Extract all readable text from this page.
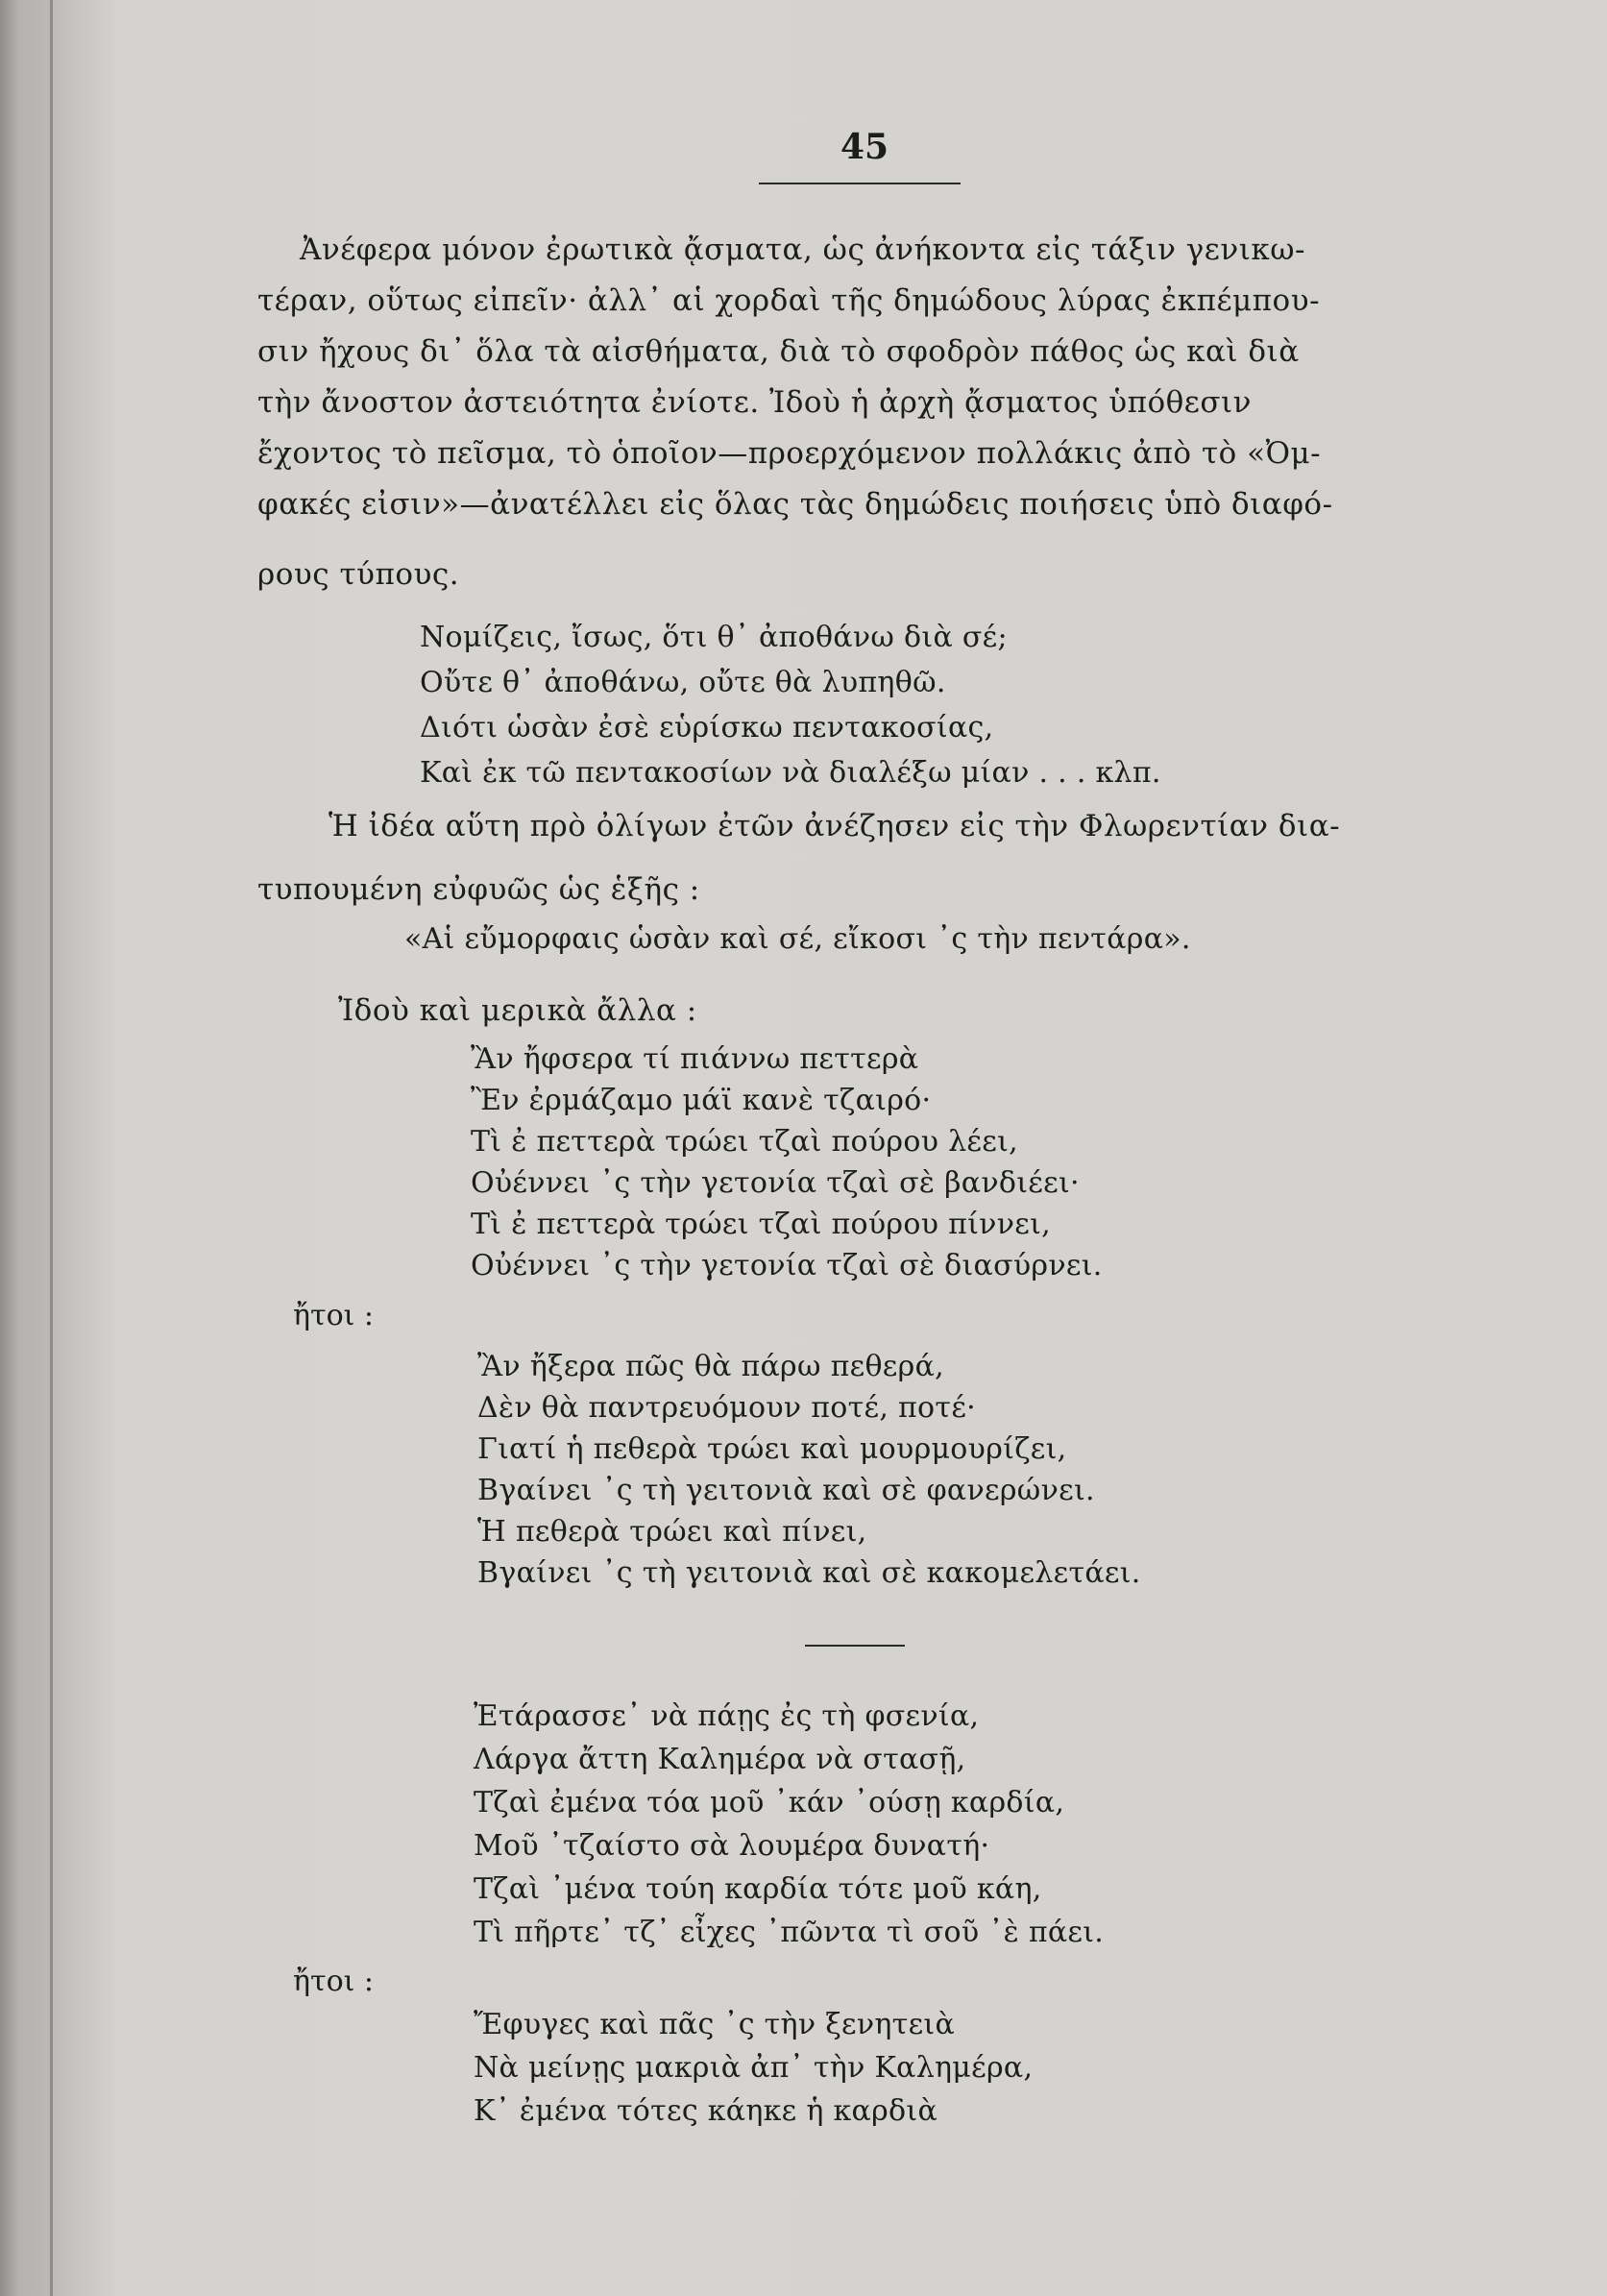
45
Ἀνέφερα μόνον ἐρωτικὰ ᾄσματα, ὡς ἀνήκοντα εἰς τάξιν γενικω-
τέραν, οὕτως εἰπεῖν· ἀλλ᾿ αἱ χορδαὶ τῆς δημώδους λύρας ἐκπέμπου-
σιν ἤχους δι᾿ ὅλα τὰ αἰσθήματα, διὰ τὸ σφοδρὸν πάθος ὡς καὶ διὰ
τὴν ἄνοστον ἀστειότητα ἐνίοτε. Ἰδοὺ ἡ ἀρχὴ ᾄσματος ὑπόθεσιν
ἔχοντος τὸ πεῖσμα, τὸ ὁποῖον—προερχόμενον πολλάκις ἀπὸ τὸ «Ὀμ-
φακές εἰσιν»—ἀνατέλλει εἰς ὅλας τὰς δημώδεις ποιήσεις ὑπὸ διαφό-
ρους τύπους.
Νομίζεις, ἴσως, ὅτι θ᾿ ἀποθάνω διὰ σέ;
Οὔτε θ᾿ ἀποθάνω, οὔτε θὰ λυπηθῶ.
Διότι ὡσὰν ἐσὲ εὑρίσκω πεντακοσίας,
Καὶ ἐκ τῶ πεντακοσίων νὰ διαλέξω μίαν . . . κλπ.
Ἡ ἰδέα αὕτη πρὸ ὀλίγων ἐτῶν ἀνέζησεν εἰς τὴν Φλωρεντίαν δια-
τυπουμένη εὐφυῶς ὡς ἑξῆς :
«Αἱ εὔμορφαις ὡσὰν καὶ σέ, εἴκοσι ᾿ς τὴν πεντάρα».
Ἰδοὺ καὶ μερικὰ ἄλλα :
Ἂν ἤφσερα τί πιάννω πεττερὰ
Ἒν ἐρμάζαμο μάϊ κανὲ τζαιρό·
Τὶ ἐ πεττερὰ τρώει τζαὶ πούρου λέει,
Οὐέννει ᾿ς τὴν γετονία τζαὶ σὲ βανδιέει·
Τὶ ἐ πεττερὰ τρώει τζαὶ πούρου πίννει,
Οὐέννει ᾿ς τὴν γετονία τζαὶ σὲ διασύρνει.
ἤτοι :
Ἂν ἤξερα πῶς θὰ πάρω πεθερά,
Δὲν θὰ παντρευόμουν ποτέ, ποτέ·
Γιατί ἡ πεθερὰ τρώει καὶ μουρμουρίζει,
Βγαίνει ᾿ς τὴ γειτονιὰ καὶ σὲ φανερώνει.
Ἡ πεθερὰ τρώει καὶ πίνει,
Βγαίνει ᾿ς τὴ γειτονιὰ καὶ σὲ κακομελετάει.
Ἐτάρασσε᾿ νὰ πάῃς ἐς τὴ φσενία,
Λάργα ἄττη Καλημέρα νὰ στασῇ,
Τζαὶ ἐμένα τόα μοῦ ᾿κάν ᾿ούσῃ καρδία,
Μοῦ ᾿τζαίστο σὰ λουμέρα δυνατή·
Τζαὶ ᾿μένα τούη καρδία τότε μοῦ κάη,
Τὶ πῆρτε᾿ τζ᾿ εἶχες ᾿πῶντα τὶ σοῦ ᾿ὲ πάει.
ἤτοι :
Ἔφυγες καὶ πᾶς ᾿ς τὴν ξενητειὰ
Νὰ μείνῃς μακριὰ ἀπ᾿ τὴν Καλημέρα,
Κ᾿ ἐμένα τότες κάηκε ἡ καρδιὰ
